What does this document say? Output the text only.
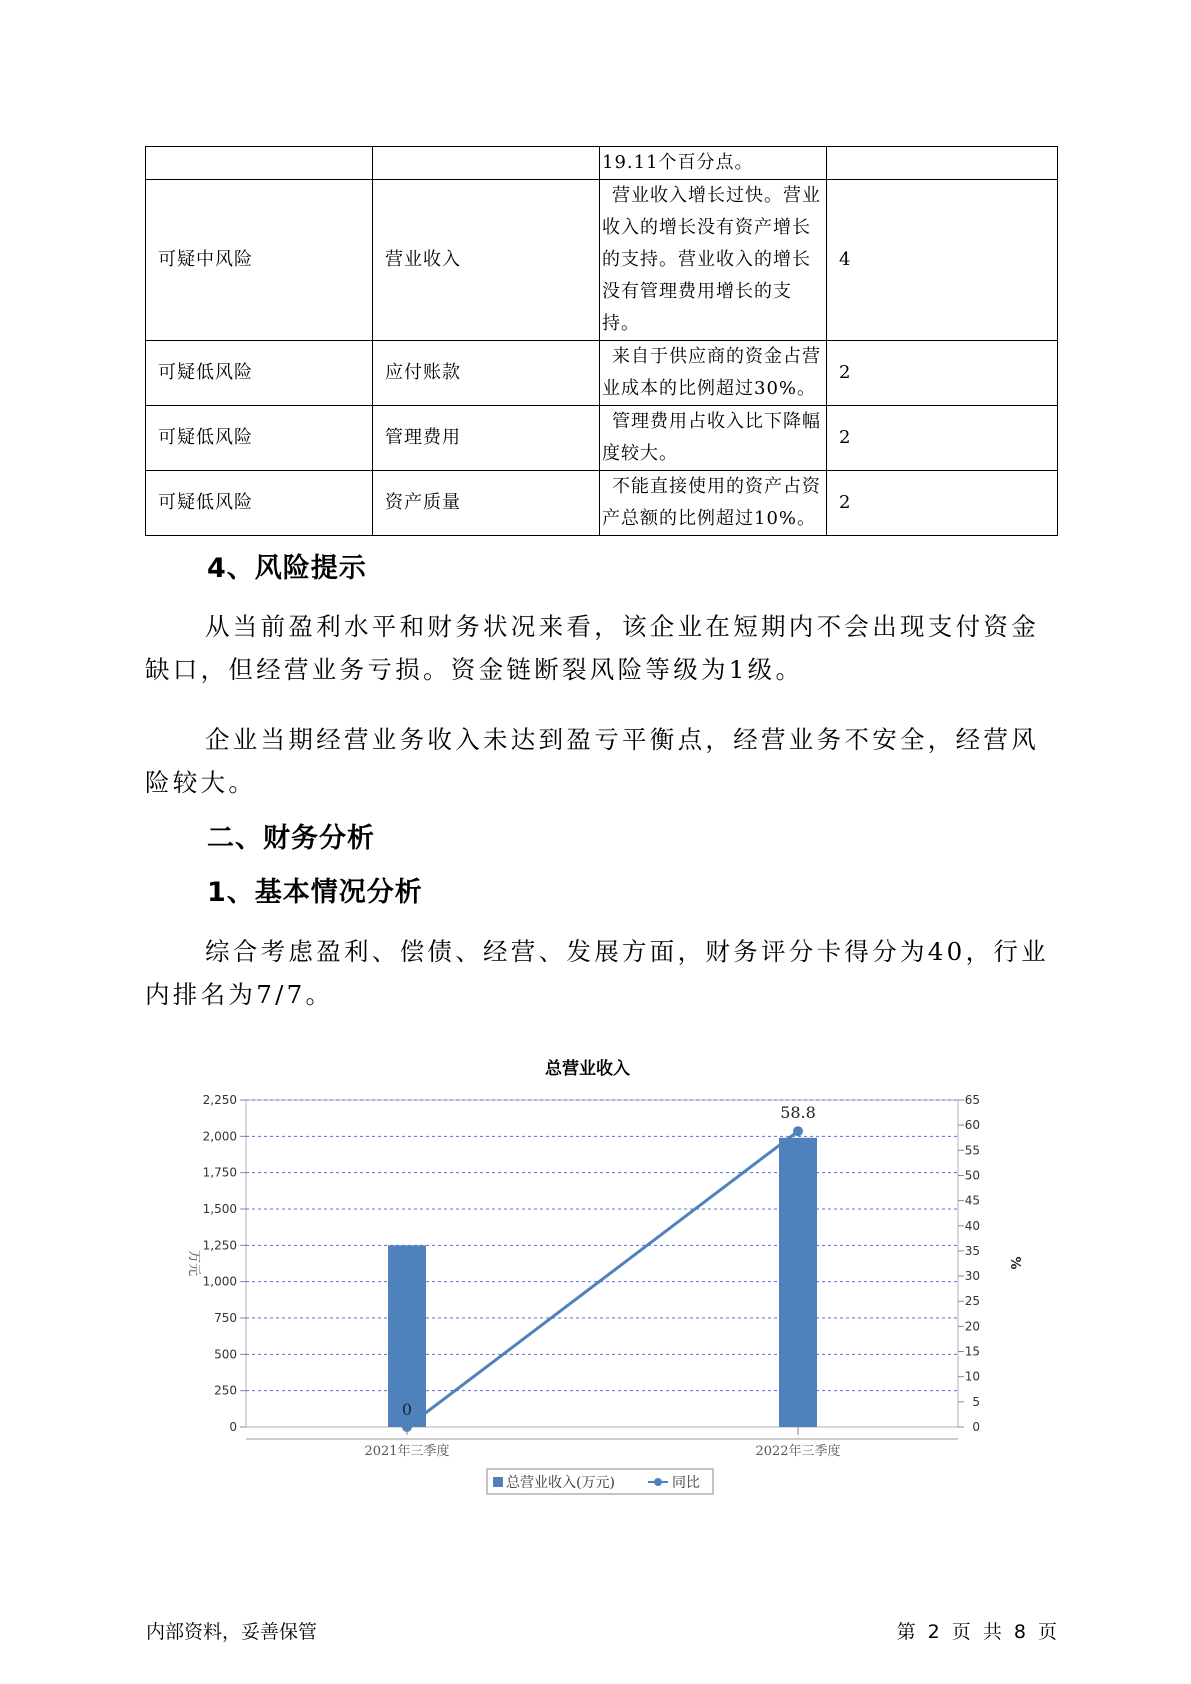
		19.11个百分点。	
可疑中风险	营业收入	营业收入增长过快。营业收入的增长没有资产增长的支持。营业收入的增长没有管理费用增长的支持。	4
可疑低风险	应付账款	来自于供应商的资金占营业成本的比例超过30%。	2
可疑低风险	管理费用	管理费用占收入比下降幅度较大。	2
可疑低风险	资产质量	不能直接使用的资产占资产总额的比例超过10%。	2
4、风险提示
从当前盈利水平和财务状况来看，该企业在短期内不会出现支付资金缺口，但经营业务亏损。资金链断裂风险等级为1级。
企业当期经营业务收入未达到盈亏平衡点，经营业务不安全，经营风险较大。
二、财务分析
1、基本情况分析
综合考虑盈利、偿债、经营、发展方面，财务评分卡得分为40，行业内排名为7/7。
总营业收入
0
250
500
750
1,000
1,250
1,500
1,750
2,000
2,250
0
5
10
15
20
25
30
35
40
45
50
55
60
65
万元	%
2021年三季度	2022年三季度
0
58.8
总营业收入(万元)	同比
内部资料，妥善保管	第 2 页 共 8 页
